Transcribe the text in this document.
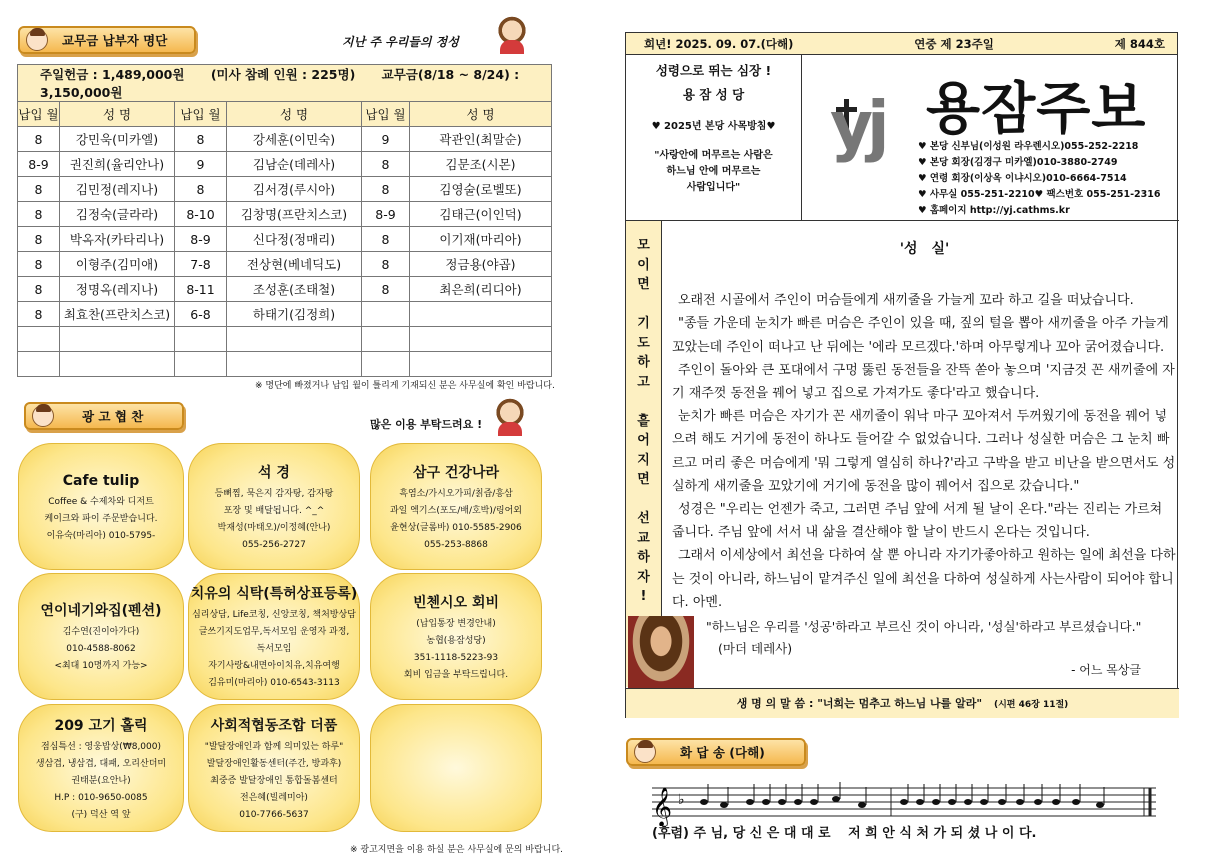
교무금 납부자 명단	지난 주 우리들의 정성
주일헌금 : 1,489,000원 (미사 참례 인원 : 225명) 교무금(8/18 ~ 8/24) : 3,150,000원					
납입 월	성 명	납입 월	성 명	납입 월	성 명
8	강민욱(미카엘)	8	강세훈(이민숙)	9	곽관인(최말순)
8-9	권진희(율리안나)	9	김남순(데레사)	8	김문조(시몬)
8	김민정(레지나)	8	김서경(루시아)	8	김영술(로벨또)
8	김정숙(글라라)	8-10	김창명(프란치스코)	8-9	김태근(이인덕)
8	박옥자(카타리나)	8-9	신다정(정매리)	8	이기재(마리아)
8	이형주(김미애)	7-8	전상현(베네딕도)	8	정금용(야곱)
8	정명옥(레지나)	8-11	조성훈(조태철)	8	최은희(리디아)
8	최효찬(프란치스코)	6-8	하태기(김정희)		

※ 명단에 빠졌거나 납입 월이 틀리게 기재되신 분은 사무실에 확인 바랍니다.
광 고 협 찬
많은 이용 부탁드려요 !
Cafe tulip
Coffee & 수제차와 디저트
케이크와 파이 주문받습니다.
이유숙(마리아) 010-5795-
석 경
등뼈찜, 묵은지 감자탕, 감자탕
포장 및 배달됩니다. ^_^
박재성(마태오)/이정혜(안나)
055-256-2727
삼구 건강나라
흑염소/가시오가피/칡즙/흥삼
과일 엑기스(포도/배/호박)/링어외
윤현상(글롬바) 010-5585-2906
055-253-8868
연이네기와집(펜션)
김수연(진이아가다)
010-4588-8062
<최대 10명까지 가능>
치유의 식탁(특허상표등록)
심리상담, Life코칭, 신앙코칭, 책처방상담
글쓰기지도업무,독서모임 운영자 과정,
독서모임
자기사랑&내면아이치유,치유여행
김유미(마리아) 010-6543-3113
빈첸시오 회비
(납입통장 변경안내)
농협(용잠성당)
351-1118-5223-93
회비 입금을 부탁드립니다.
209 고기 홀릭
점심특선 : 영웅밥상(₩8,000)
생삼겹, 냉삼겹, 대패, 오리산더미
권태분(요안나)
H.P : 010-9650-0085
(구) 덕산 역 앞
사회적협동조합 더품
"발달장애인과 함께 의미있는 하루"
발달장애인활동센터(주간, 방과후)
최중증 발달장애인 통합돌봄센터
전은혜(빌레미아)
010-7766-5637
※ 광고지면을 이용 하실 분은 사무실에 문의 바랍니다.
희년! 2025. 09. 07.(다해)	연중 제 23주일	제 844호
성령으로 뛰는 심장 !
용 잠 성 당
♥ 2025년 본당 사목방침♥
"사랑안에 머무르는 사람은
하느님 안에 머무르는
사람입니다"
yj 용잠주보
♥ 본당 신부님(이성원 라우렌시오)055-252-2218
♥ 본당 회장(김경구 미카엘)010-3880-2749
♥ 연령 회장(이상옥 이냐시오)010-6664-7514
♥ 사무실 055-251-2210♥ 팩스번호 055-251-2316
♥ 홈페이지 http://yj.cathms.kr
모
이
면
기
도
하
고
흩
어
지
면
선
교
하
자
!
'성　실'

오래전 시골에서 주인이 머슴들에게 새끼줄을 가늘게 꼬라 하고 길을 떠났습니다.

"종들 가운데 눈치가 빠른 머슴은 주인이 있을 때, 짚의 털을 뽑아 새끼줄을 아주 가늘게 꼬았는데 주인이 떠나고 난 뒤에는 '에라 모르겠다.'하며 아무렇게나 꼬아 굵어졌습니다.

주인이 돌아와 큰 포대에서 구멍 뚫린 동전들을 잔뜩 쏟아 놓으며 '지금것 꼰 새끼줄에 자기 재주껏 동전을 꿰어 넣고 집으로 가져가도 좋다'라고 했습니다.

눈치가 빠른 머슴은 자기가 꼰 새끼줄이 워낙 마구 꼬아져서 두꺼웠기에 동전을 꿰어 넣으려 해도 거기에 동전이 하나도 들어갈 수 없었습니다. 그러나 성실한 머슴은 그 눈치 빠르고 머리 좋은 머슴에게 '뭐 그렇게 열심히 하나?'라고 구박을 받고 비난을 받으면서도 성실하게 새끼줄을 꼬았기에 거기에 동전을 많이 꿰어서 집으로 갔습니다."

성경은 "우리는 언젠가 죽고, 그러면 주님 앞에 서게 될 날이 온다."라는 진리는 가르쳐 줍니다. 주님 앞에 서서 내 삶을 결산해야 할 날이 반드시 온다는 것입니다.

그래서 이세상에서 최선을 다하여 살 뿐 아니라 자기가좋아하고 원하는 일에 최선을 다하는 것이 아니라, 하느님이 맡겨주신 일에 최선을 다하여 성실하게 사는사람이 되어야 합니다. 아멘.

"하느님은 우리를 '성공'하라고 부르신 것이 아니라, '성실'하라고 부르셨습니다."
(마더 데레사)
- 어느 목상글
생 명 의 말 씀 : "너희는 멈추고 하느님 나를 알라" (시편 46장 11절)
화 답 송 (다해)
𝄞 ♭
(후렴) 주 님, 당 신 은 대 대 로　 저 희 안 식 처 가 되 셨 나 이 다.
